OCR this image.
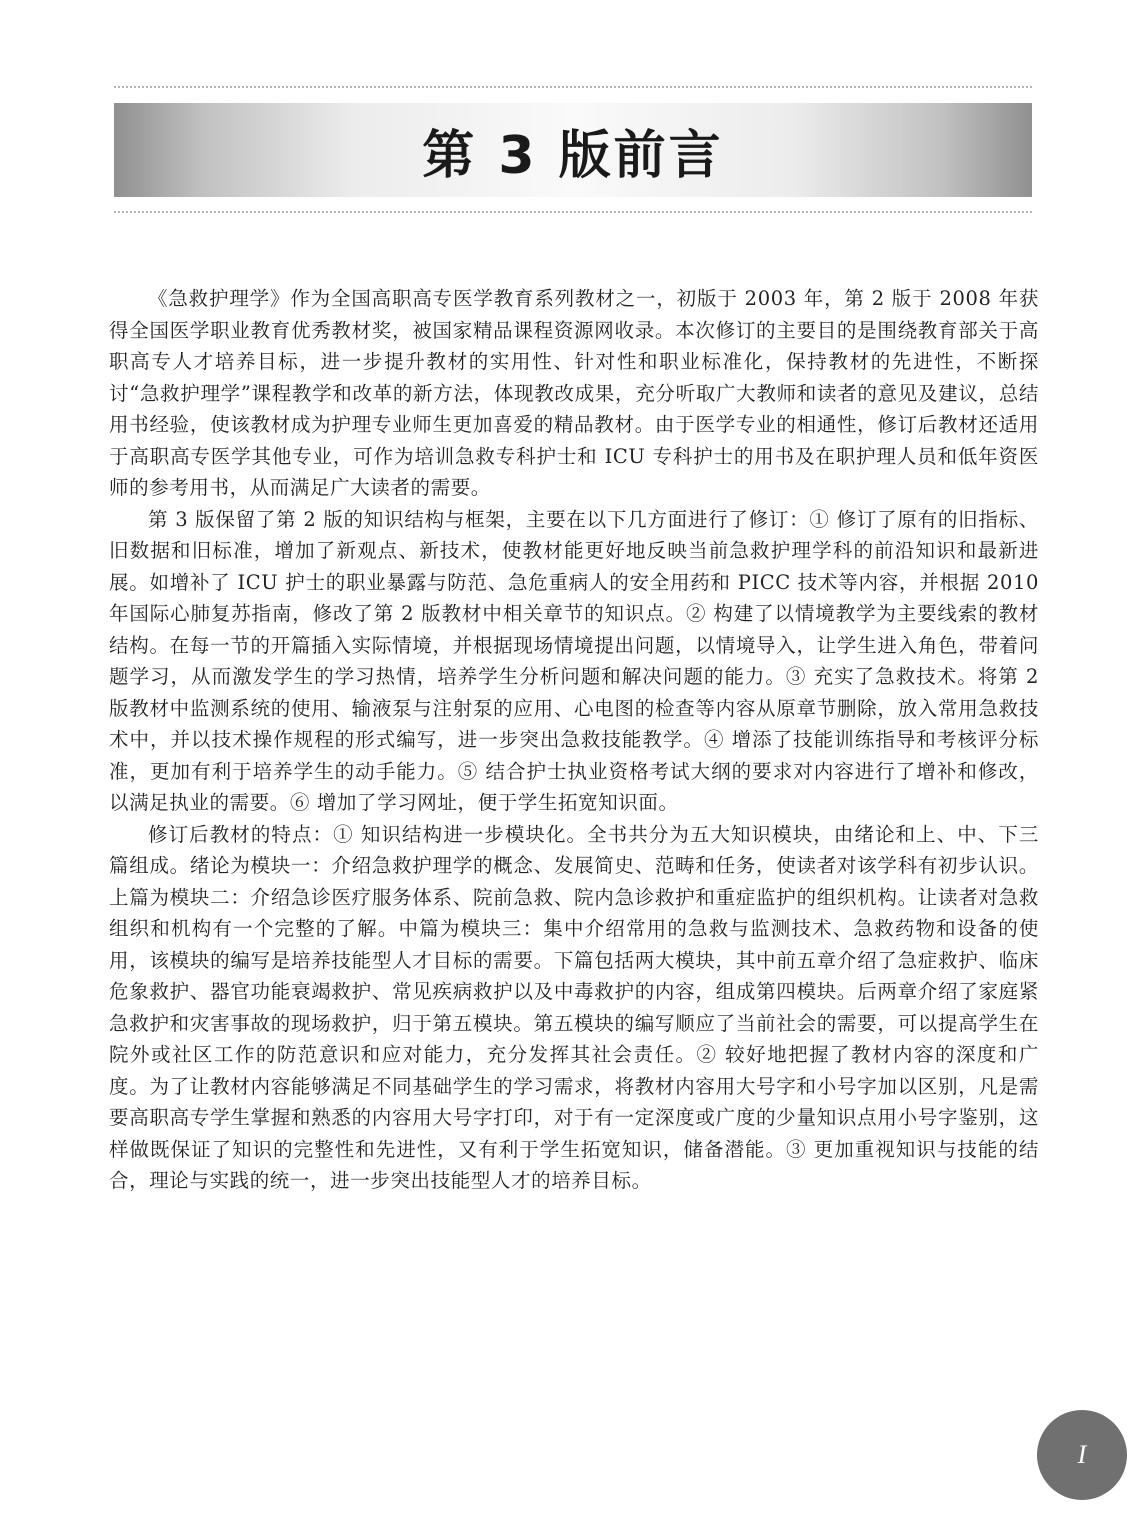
第 3 版前言

《急救护理学》作为全国高职高专医学教育系列教材之一，初版于 2003 年，第 2 版于 2008 年获得全国医学职业教育优秀教材奖，被国家精品课程资源网收录。本次修订的主要目的是围绕教育部关于高职高专人才培养目标，进一步提升教材的实用性、针对性和职业标准化，保持教材的先进性，不断探讨“急救护理学”课程教学和改革的新方法，体现教改成果，充分听取广大教师和读者的意见及建议，总结用书经验，使该教材成为护理专业师生更加喜爱的精品教材。由于医学专业的相通性，修订后教材还适用于高职高专医学其他专业，可作为培训急救专科护士和 ICU 专科护士的用书及在职护理人员和低年资医师的参考用书，从而满足广大读者的需要。

第 3 版保留了第 2 版的知识结构与框架，主要在以下几方面进行了修订：① 修订了原有的旧指标、旧数据和旧标准，增加了新观点、新技术，使教材能更好地反映当前急救护理学科的前沿知识和最新进展。如增补了 ICU 护士的职业暴露与防范、急危重病人的安全用药和 PICC 技术等内容，并根据 2010 年国际心肺复苏指南，修改了第 2 版教材中相关章节的知识点。② 构建了以情境教学为主要线索的教材结构。在每一节的开篇插入实际情境，并根据现场情境提出问题，以情境导入，让学生进入角色，带着问题学习，从而激发学生的学习热情，培养学生分析问题和解决问题的能力。③ 充实了急救技术。将第 2 版教材中监测系统的使用、输液泵与注射泵的应用、心电图的检查等内容从原章节删除，放入常用急救技术中，并以技术操作规程的形式编写，进一步突出急救技能教学。④ 增添了技能训练指导和考核评分标准，更加有利于培养学生的动手能力。⑤ 结合护士执业资格考试大纲的要求对内容进行了增补和修改，以满足执业的需要。⑥ 增加了学习网址，便于学生拓宽知识面。

修订后教材的特点：① 知识结构进一步模块化。全书共分为五大知识模块，由绪论和上、中、下三篇组成。绪论为模块一：介绍急救护理学的概念、发展简史、范畴和任务，使读者对该学科有初步认识。上篇为模块二：介绍急诊医疗服务体系、院前急救、院内急诊救护和重症监护的组织机构。让读者对急救组织和机构有一个完整的了解。中篇为模块三：集中介绍常用的急救与监测技术、急救药物和设备的使用，该模块的编写是培养技能型人才目标的需要。下篇包括两大模块，其中前五章介绍了急症救护、临床危象救护、器官功能衰竭救护、常见疾病救护以及中毒救护的内容，组成第四模块。后两章介绍了家庭紧急救护和灾害事故的现场救护，归于第五模块。第五模块的编写顺应了当前社会的需要，可以提高学生在院外或社区工作的防范意识和应对能力，充分发挥其社会责任。② 较好地把握了教材内容的深度和广度。为了让教材内容能够满足不同基础学生的学习需求，将教材内容用大号字和小号字加以区别，凡是需要高职高专学生掌握和熟悉的内容用大号字打印，对于有一定深度或广度的少量知识点用小号字鉴别，这样做既保证了知识的完整性和先进性，又有利于学生拓宽知识，储备潜能。③ 更加重视知识与技能的结合，理论与实践的统一，进一步突出技能型人才的培养目标。

I
